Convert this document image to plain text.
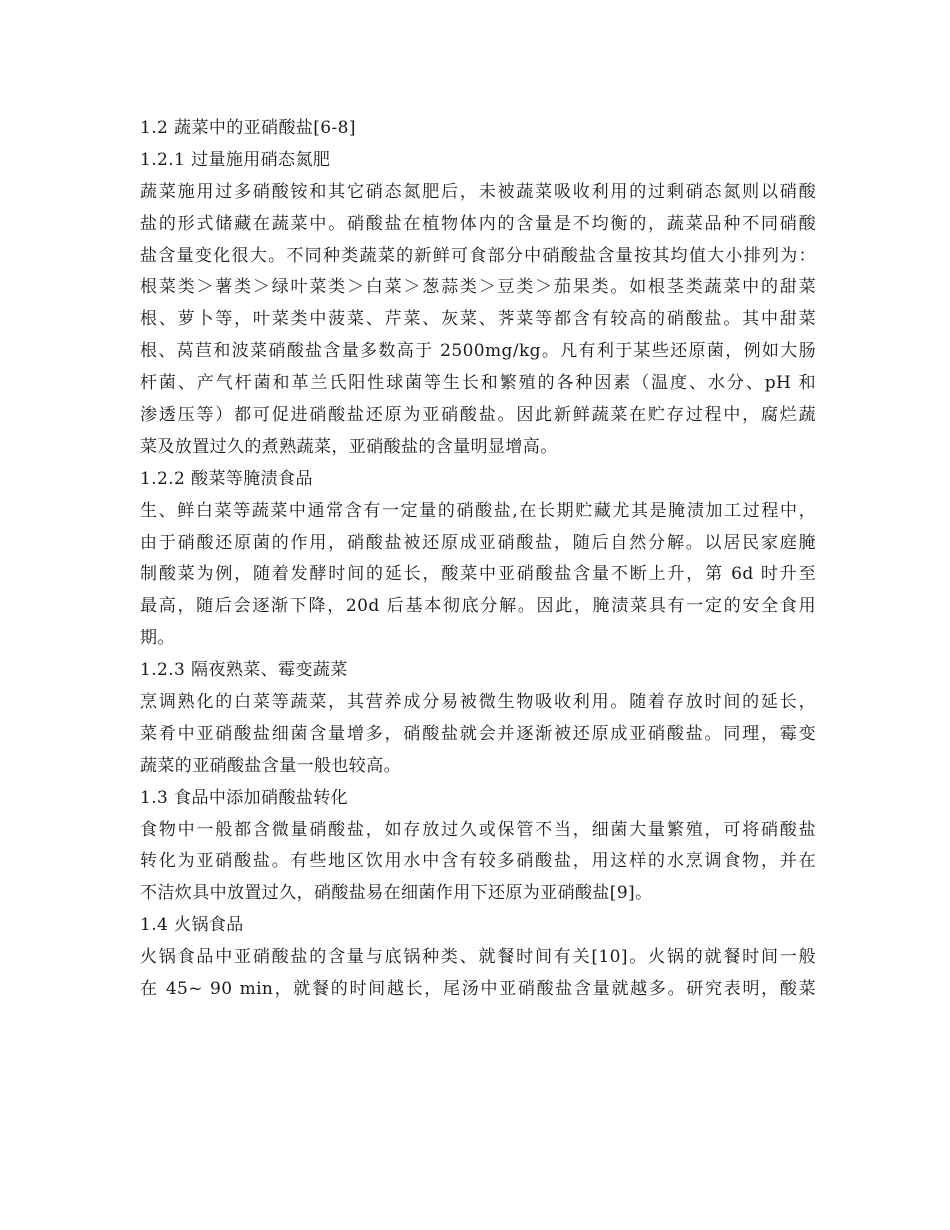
1.2 蔬菜中的亚硝酸盐[6-8]
1.2.1 过量施用硝态氮肥
蔬菜施用过多硝酸铵和其它硝态氮肥后，未被蔬菜吸收利用的过剩硝态氮则以硝酸
盐的形式储藏在蔬菜中。硝酸盐在植物体内的含量是不均衡的，蔬菜品种不同硝酸
盐含量变化很大。不同种类蔬菜的新鲜可食部分中硝酸盐含量按其均值大小排列为：
根菜类＞薯类＞绿叶菜类＞白菜＞葱蒜类＞豆类＞茄果类。如根茎类蔬菜中的甜菜
根、萝卜等，叶菜类中菠菜、芹菜、灰菜、荠菜等都含有较高的硝酸盐。其中甜菜
根、莴苣和波菜硝酸盐含量多数高于 2500mg/kg。凡有利于某些还原菌，例如大肠
杆菌、产气杆菌和革兰氏阳性球菌等生长和繁殖的各种因素（温度、水分、pH 和
渗透压等）都可促进硝酸盐还原为亚硝酸盐。因此新鲜蔬菜在贮存过程中，腐烂蔬
菜及放置过久的煮熟蔬菜，亚硝酸盐的含量明显增高。
1.2.2 酸菜等腌渍食品
生、鲜白菜等蔬菜中通常含有一定量的硝酸盐,在长期贮藏尤其是腌渍加工过程中，
由于硝酸还原菌的作用，硝酸盐被还原成亚硝酸盐，随后自然分解。以居民家庭腌
制酸菜为例，随着发酵时间的延长，酸菜中亚硝酸盐含量不断上升，第 6d 时升至
最高，随后会逐渐下降，20d 后基本彻底分解。因此，腌渍菜具有一定的安全食用
期。
1.2.3 隔夜熟菜、霉变蔬菜
烹调熟化的白菜等蔬菜，其营养成分易被微生物吸收利用。随着存放时间的延长，
菜肴中亚硝酸盐细菌含量增多，硝酸盐就会并逐渐被还原成亚硝酸盐。同理，霉变
蔬菜的亚硝酸盐含量一般也较高。
1.3 食品中添加硝酸盐转化
食物中一般都含微量硝酸盐，如存放过久或保管不当，细菌大量繁殖，可将硝酸盐
转化为亚硝酸盐。有些地区饮用水中含有较多硝酸盐，用这样的水烹调食物，并在
不洁炊具中放置过久，硝酸盐易在细菌作用下还原为亚硝酸盐[9]。
1.4 火锅食品
火锅食品中亚硝酸盐的含量与底锅种类、就餐时间有关[10]。火锅的就餐时间一般
在 45~ 90 min，就餐的时间越长，尾汤中亚硝酸盐含量就越多。研究表明，酸菜
